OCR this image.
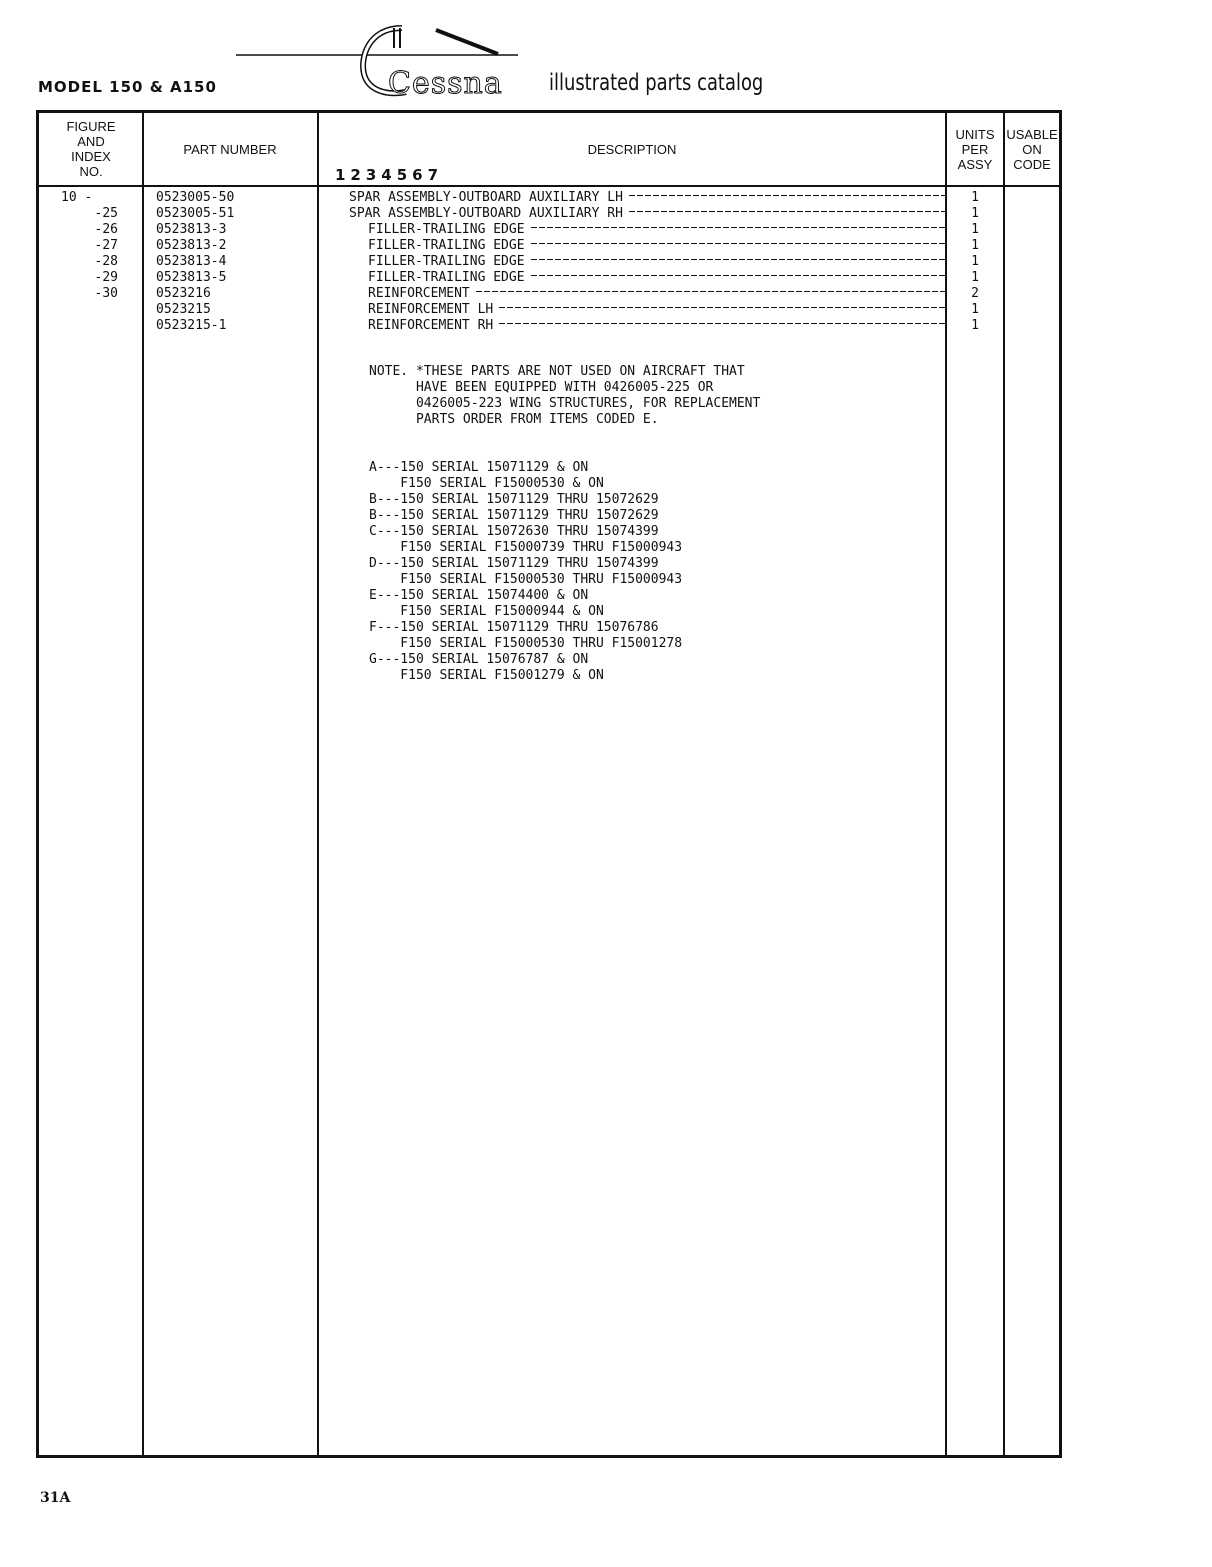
MODEL 150 & A150	Cessna illustrated parts catalog
FIGURE
AND
INDEX
NO.
PART NUMBER	DESCRIPTION
1234567
UNITS
PER
ASSY
USABLE
ON
CODE
10 -
-25
-26
-27
-28
-29
-30
0523005-50
0523005-51
0523813-3
0523813-2
0523813-4
0523813-5
0523216
0523215
0523215-1
SPAR ASSEMBLY-OUTBOARD AUXILIARY LH
SPAR ASSEMBLY-OUTBOARD AUXILIARY RH
FILLER-TRAILING EDGE
FILLER-TRAILING EDGE
FILLER-TRAILING EDGE
FILLER-TRAILING EDGE
REINFORCEMENT
REINFORCEMENT LH
REINFORCEMENT RH
1
1
1
1
1
1
2
1
1
NOTE. *THESE PARTS ARE NOT USED ON AIRCRAFT THAT
HAVE BEEN EQUIPPED WITH 0426005-225 OR
0426005-223 WING STRUCTURES, FOR REPLACEMENT
PARTS ORDER FROM ITEMS CODED E.
A---150 SERIAL 15071129 & ON
F150 SERIAL F15000530 & ON
B---150 SERIAL 15071129 THRU 15072629
B---150 SERIAL 15071129 THRU 15072629
C---150 SERIAL 15072630 THRU 15074399
F150 SERIAL F15000739 THRU F15000943
D---150 SERIAL 15071129 THRU 15074399
F150 SERIAL F15000530 THRU F15000943
E---150 SERIAL 15074400 & ON
F150 SERIAL F15000944 & ON
F---150 SERIAL 15071129 THRU 15076786
F150 SERIAL F15000530 THRU F15001278
G---150 SERIAL 15076787 & ON
F150 SERIAL F15001279 & ON
31A
